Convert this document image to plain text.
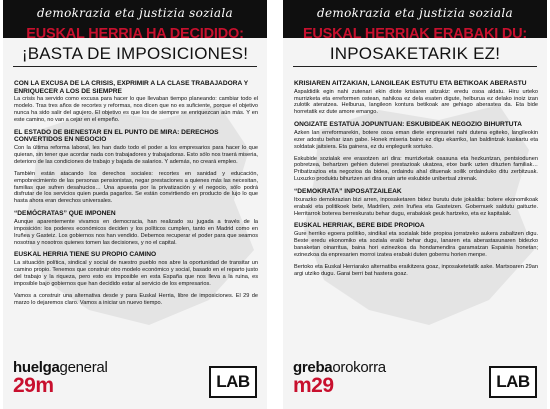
demokrazia eta justizia soziala
EUSKAL HERRIA HA DECIDIDO:
¡BASTA DE IMPOSICIONES!
CON LA EXCUSA DE LA CRISIS, EXPRIMIR A LA CLASE TRABAJADORA Y ENRIQUECER A LOS DE SIEMPRE
La crisis ha servido como excusa para hacer lo que llevaban tiempo planeando: cambiar todo el modelo. Tras tres años de recortes y reformas, nos dicen que no es suficiente, porque el objetivo nunca ha sido salir del agujero. El objetivo es que los de siempre se enriquezcan aún más. Y en este camino, no van a cejar en el empeño.
EL ESTADO DE BIENESTAR EN EL PUNTO DE MIRA: DERECHOS CONVERTIDOS EN NEGOCIO
Con la última reforma laboral, les han dado todo el poder a los empresarios para hacer lo que quieran, sin tener que acordar nada con trabajadores y trabajadoras. Esto sólo nos traerá miseria, deterioro de las condiciones de trabajo y bajada de salarios. Y además, no creará empleo.
También están atacando los derechos sociales: recortes en sanidad y educación, empobrecimiento de las personas pensionistas, negar prestaciones a quienes más las necesitan, familias que sufren desahucios… Una apuesta por la privatización y el negocio, sólo podrá disfrutar de los servicios quien pueda pagarlos. Se están convirtiendo en producto de lujo lo que hasta ahora eran derechos universales.
“DEMÓCRATAS” QUE IMPONEN
Aunque aparentemente vivamos en democracia, han realizado su jugada a través de la imposición: los poderes económicos deciden y los políticos cumplen, tanto en Madrid como en Iruñea y Gasteiz. Los gobiernos nos han vendido. Debemos recuperar el poder para que seamos nosotras y nosotros quienes tomen las decisiones, y no el capital.
EUSKAL HERRIA TIENE SU PROPIO CAMINO
La situación política, sindical y social de nuestro pueblo nos abre la oportunidad de transitar un camino propio. Tenemos que construir otro modelo económico y social, basado en el reparto justo del trabajo y la riqueza, pero esto es imposible en esta España que nos lleva a la ruina, es imposible bajo gobiernos que han decidido estar al servicio de los empresarios.
Vamos a construir una alternativa desde y para Euskal Herria, libre de imposiciones. El 29 de marzo lo dejaremos claro. Vamos a iniciar un nuevo tiempo.
huelgageneral
29m	LAB
demokrazia eta justizia soziala
EUSKAL HERRIAK ERABAKI DU:
INPOSAKETARIK EZ!
KRISIAREN AITZAKIAN, LANGILEAK ESTUTU ETA BETIKOAK ABERASTU
Aspaldidik egin nahi zutenari ekin diote krisiaren aitzakiz: eredu osoa aldatu. Hiru urteko murrizketa eta erreformen ostean, nahikoa ez dela esaten digute, helburua ez delako inoiz izan zulotik ateratzea. Helburua, langileon kontura betikoak are gehiago aberastea da. Eta bide horretatik ez dute amore emango.
ONGIZATE ESTATUA JOPUNTUAN: ESKUBIDEAK NEGOZIO BIHURTUTA
Azken lan erreformarekin, botere osoa eman diete enpresariei nahi dutena egiteko, langileokin ezer adostu behar izan gabe. Honek miseria baino ez digu ekarriko, lan baldintzak kaskartu eta soldatak jaitsiera. Eta gainera, ez du enplegurik sortuko.
Eskubide sozialak ere erasotzen ari dira: murrizketak osasuna eta hezkuntzan, pentsiodunen pobretzea, behartzen gehien dutenei prestazioak ukatzea, etxe barik uzten dituzten familiak… Pribatizazioa eta negozioa da bidea, ordaindu ahal dituenak soilik ordainduko ditu zerbitzuak. Luxuzko produktu bihurtzen ari dira orain arte eskubide unibertsal zirenak.
“DEMOKRATA” INPOSATZAILEAK
Itxurazko demokrazian bizi arren, inposaketaren bidez burutu dute jokaldia: botere ekonomikoak erabaki eta politikoek bete, Madrilen, zein Iruñea eta Gasteizen. Gobernuek saldutu gaituzte. Herritarrok boterea berreskuratu behar dugu, erabakiak geuk hartzeko, eta ez kapitalak.
EUSKAL HERRIAK, BERE BIDE PROPIOA
Gure herriko egoera politiko, sindikal eta sozialak bide propioa jorratzeko aukera zabaltzen digu. Beste eredu ekonomiko eta soziala eraiki behar dugu, lanaren eta aberastasunaren bidezko banaketan oinarritua, baina hori ezinezkoa da hondamendira garamatzan Espainia honetan; ezinezkoa da enpresarien morroi izatea erabaki duten gobernu horien menpe.
Bertoko eta Euskal Herriarako alternatiba eraikitzera goaz, inposaketetatik aske. Martxoaren 29an argi utziko dugu. Garai berri bat hastera goaz.
grebaorokorra
m29	LAB
